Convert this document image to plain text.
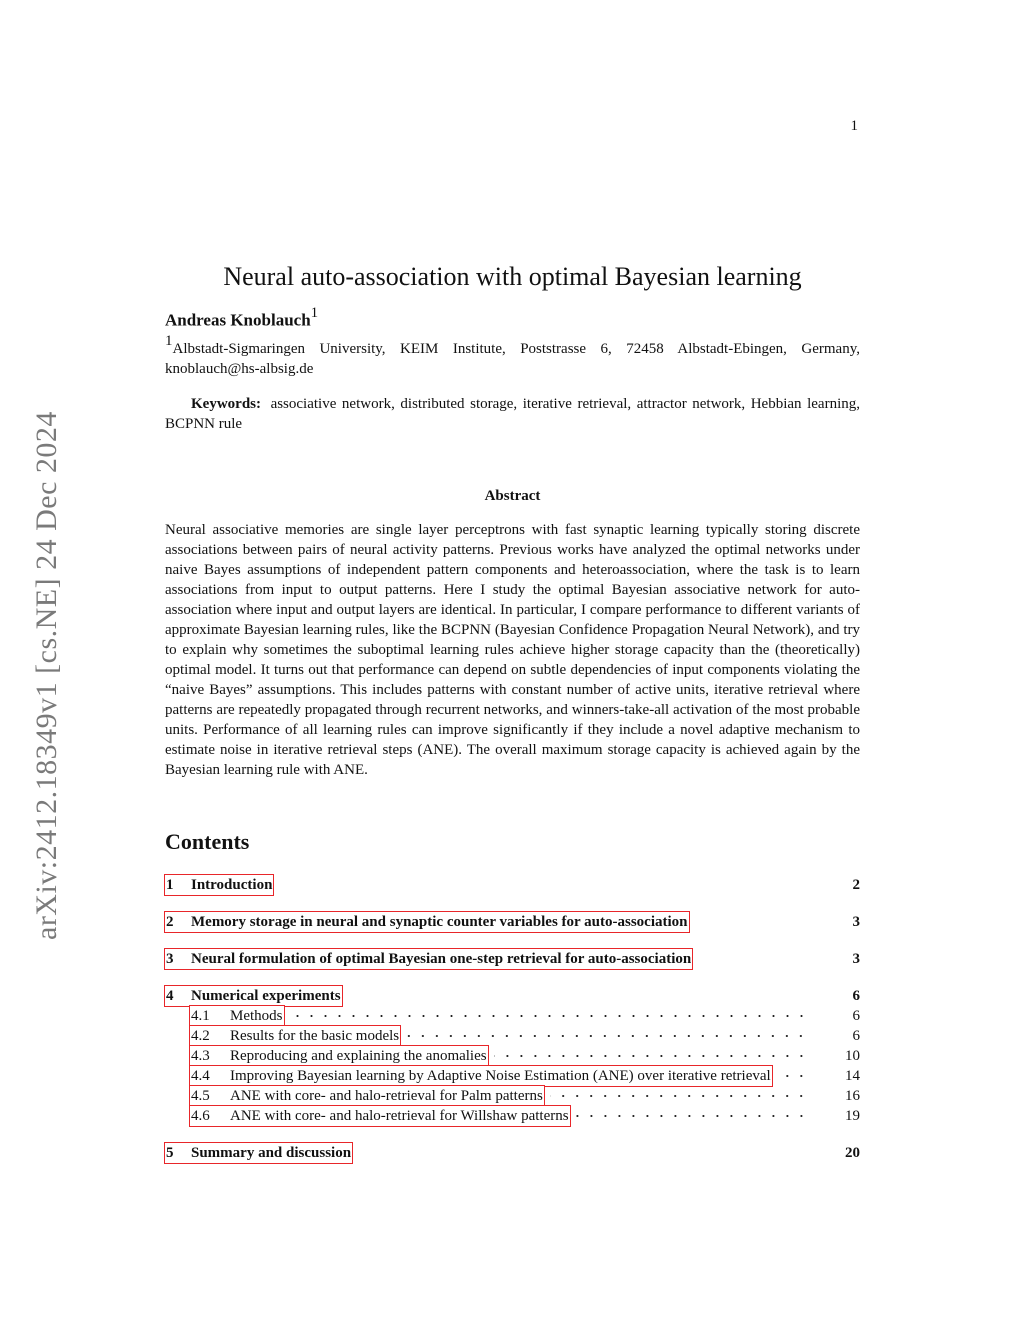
1
arXiv:2412.18349v1 [cs.NE] 24 Dec 2024
Neural auto-association with optimal Bayesian learning
Andreas Knoblauch$^1$
$^1$Albstadt-Sigmaringen University, KEIM Institute, Poststrasse 6, 72458 Albstadt-Ebingen, Germany, knoblauch@hs-albsig.de
Keywords: associative network, distributed storage, iterative retrieval, attractor network, Hebbian learning, BCPNN rule
Abstract

Neural associative memories are single layer perceptrons with fast synaptic learning typically storing discrete associations between pairs of neural activity patterns. Previous works have analyzed the optimal networks under naive Bayes assumptions of independent pattern components and heteroassociation, where the task is to learn associations from input to output patterns. Here I study the optimal Bayesian associative network for auto-association where input and output layers are identical. In particular, I compare performance to different variants of approximate Bayesian learning rules, like the BCPNN (Bayesian Confidence Propagation Neural Network), and try to explain why sometimes the suboptimal learning rules achieve higher storage capacity than the (theoretically) optimal model. It turns out that performance can depend on subtle dependencies of input components violating the “naive Bayes” assumptions. This includes patterns with constant number of active units, iterative retrieval where patterns are repeatedly propagated through recurrent networks, and winners-take-all activation of the most probable units. Performance of all learning rules can improve significantly if they include a novel adaptive mechanism to estimate noise in iterative retrieval steps (ANE). The overall maximum storage capacity is achieved again by the Bayesian learning rule with ANE.

Contents
1	Introduction	2
2	Memory storage in neural and synaptic counter variables for auto-association	3
3	Neural formulation of optimal Bayesian one-step retrieval for auto-association	3
4	Numerical experiments	6
4.1	Methods	6
4.2	Results for the basic models	6
4.3	Reproducing and explaining the anomalies	10
4.4	Improving Bayesian learning by Adaptive Noise Estimation (ANE) over iterative retrieval	14
4.5	ANE with core- and halo-retrieval for Palm patterns	16
4.6	ANE with core- and halo-retrieval for Willshaw patterns	19
5	Summary and discussion	20
